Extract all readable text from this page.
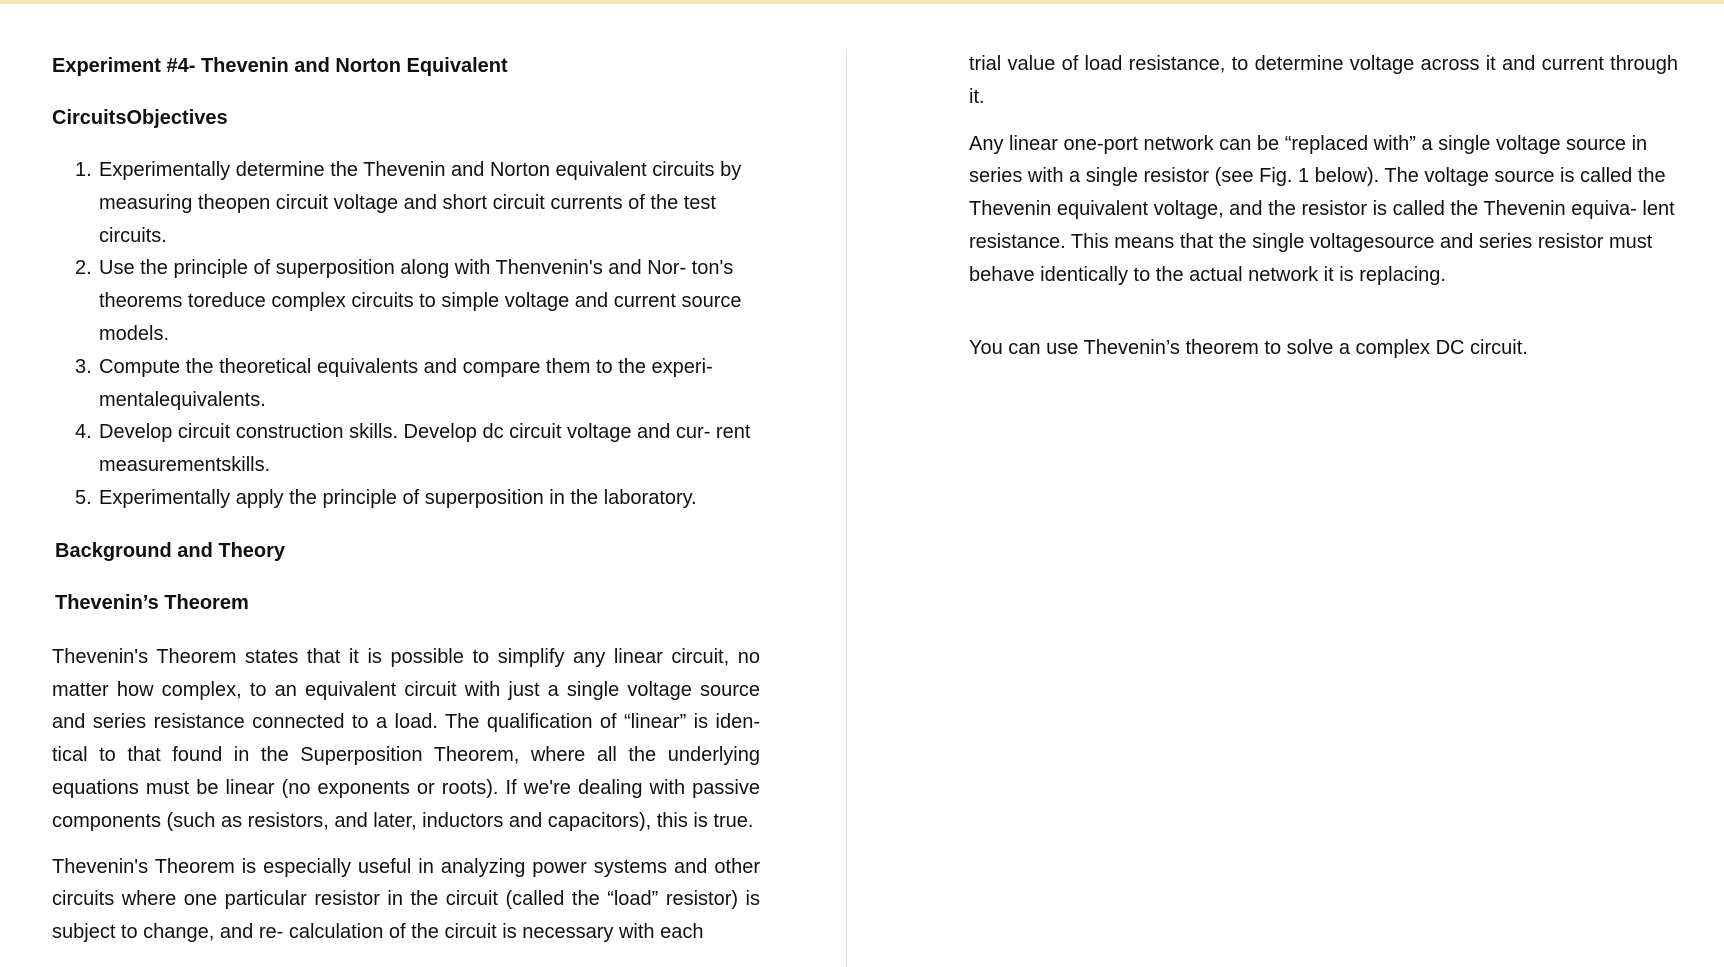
Experiment #4- Thevenin and Norton Equivalent

CircuitsObjectives

1. Experimentally determine the Thevenin and Norton equivalent circuits by measuring theopen circuit voltage and short circuit currents of the test circuits.
2. Use the principle of superposition along with Thenvenin's and Nor- ton's theorems toreduce complex circuits to simple voltage and current source models.
3. Compute the theoretical equivalents and compare them to the experi- mentalequivalents.
4. Develop circuit construction skills. Develop dc circuit voltage and cur- rent measurementskills.
5. Experimentally apply the principle of superposition in the laboratory.

Background and Theory

Thevenin’s Theorem

Thevenin's Theorem states that it is possible to simplify any linear circuit, no matter how complex, to an equivalent circuit with just a single voltage source and series resistance connected to a load. The qualification of “linear” is iden- tical to that found in the Superposition Theorem, where all the underlying equations must be linear (no exponents or roots). If we're dealing with passive components (such as resistors, and later, inductors and capacitors), this is true.

Thevenin's Theorem is especially useful in analyzing power systems and other circuits where one particular resistor in the circuit (called the “load” resistor) is subject to change, and re- calculation of the circuit is necessary with each

trial value of load resistance, to determine voltage across it and current through it.

Any linear one-port network can be “replaced with” a single voltage source in series with a single resistor (see Fig. 1 below). The voltage source is called the Thevenin equivalent voltage, and the resistor is called the Thevenin equiva- lent resistance. This means that the single voltagesource and series resistor must behave identically to the actual network it is replacing.

You can use Thevenin’s theorem to solve a complex DC circuit.
